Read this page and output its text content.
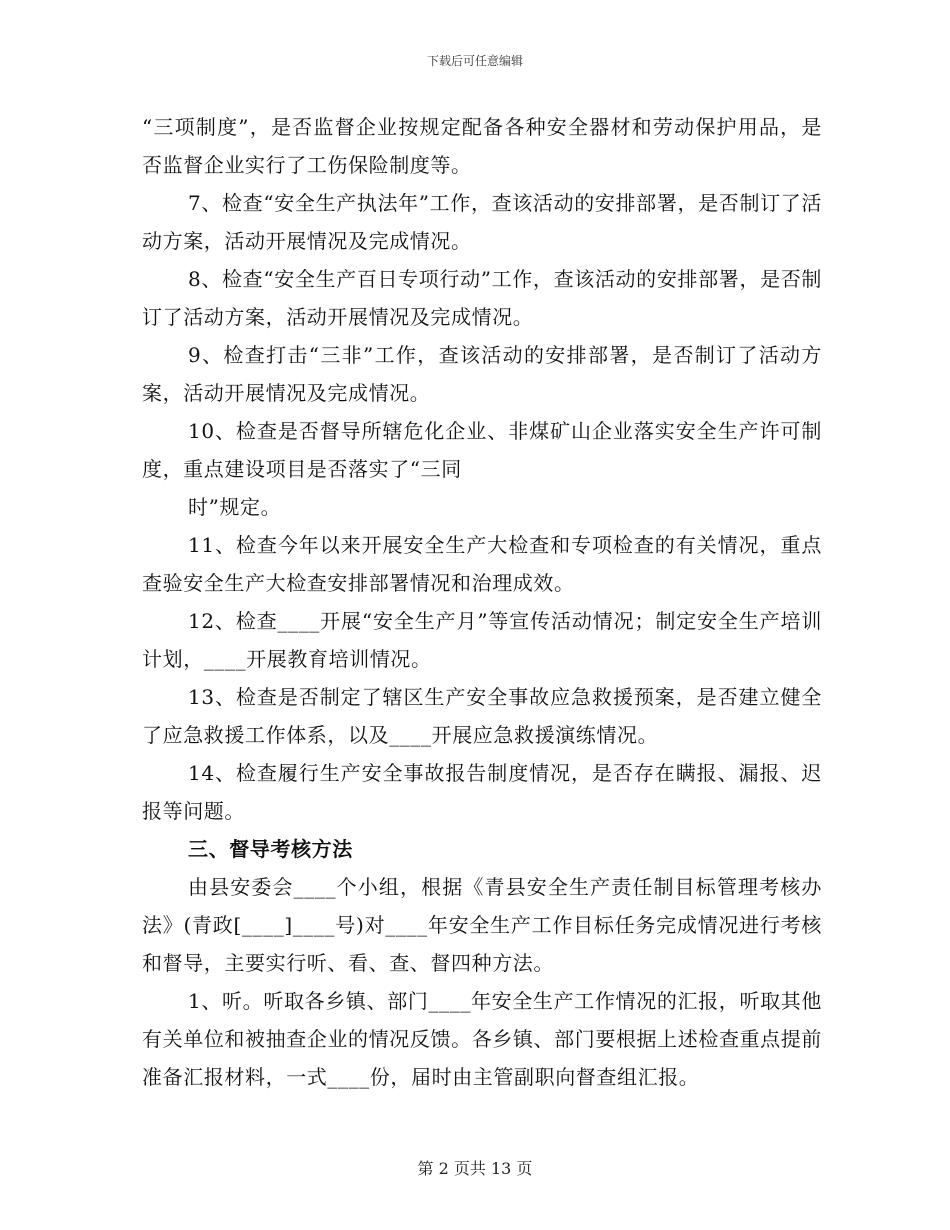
下载后可任意编辑

“三项制度”，是否监督企业按规定配备各种安全器材和劳动保护用品，是否监督企业实行了工伤保险制度等。

7、检查“安全生产执法年”工作，查该活动的安排部署，是否制订了活动方案，活动开展情况及完成情况。

8、检查“安全生产百日专项行动”工作，查该活动的安排部署，是否制订了活动方案，活动开展情况及完成情况。

9、检查打击“三非”工作，查该活动的安排部署，是否制订了活动方案，活动开展情况及完成情况。

10、检查是否督导所辖危化企业、非煤矿山企业落实安全生产许可制度，重点建设项目是否落实了“三同

时”规定。

11、检查今年以来开展安全生产大检查和专项检查的有关情况，重点查验安全生产大检查安排部署情况和治理成效。

12、检查____开展“安全生产月”等宣传活动情况；制定安全生产培训计划，____开展教育培训情况。

13、检查是否制定了辖区生产安全事故应急救援预案，是否建立健全了应急救援工作体系，以及____开展应急救援演练情况。

14、检查履行生产安全事故报告制度情况，是否存在瞒报、漏报、迟报等问题。

三、督导考核方法

由县安委会____个小组，根据《青县安全生产责任制目标管理考核办法》(青政[____]____号)对____年安全生产工作目标任务完成情况进行考核和督导，主要实行听、看、查、督四种方法。

1、听。听取各乡镇、部门____年安全生产工作情况的汇报，听取其他有关单位和被抽查企业的情况反馈。各乡镇、部门要根据上述检查重点提前准备汇报材料，一式____份，届时由主管副职向督查组汇报。

第 2 页共 13 页
